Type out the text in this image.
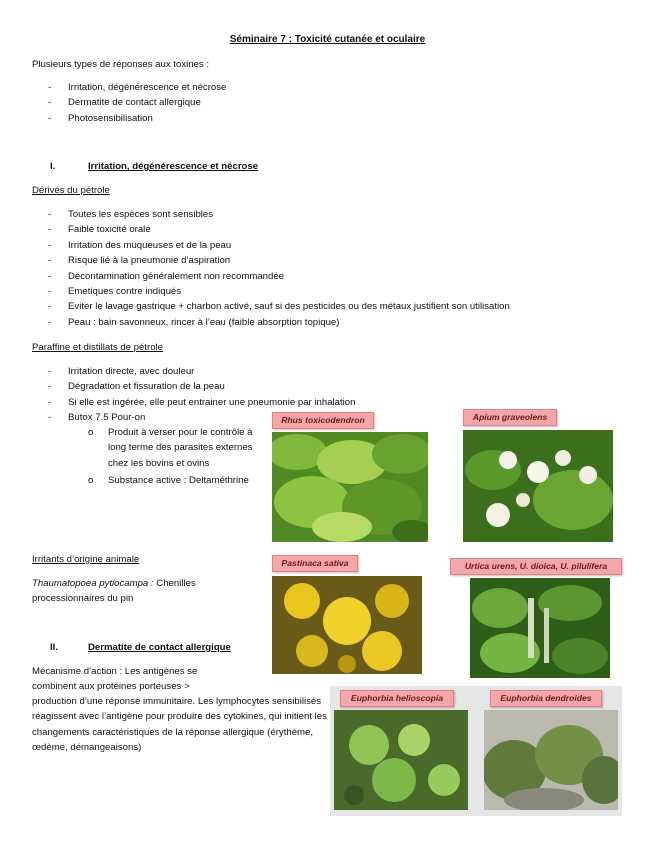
Séminaire 7 : Toxicité cutanée et oculaire
Plusieurs types de réponses aux toxines :
- Irritation, dégénérescence et nécrose
- Dermatite de contact allergique
- Photosensibilisation
I.	Irritation, dégénérescence et nécrose
Dérivés du pétrole
- Toutes les espèces sont sensibles
- Faible toxicité orale
- Irritation des muqueuses et de la peau
- Risque lié à la pneumonie d’aspiration
- Décontamination généralement non recommandée
- Emetiques contre indiqués
- Eviter le lavage gastrique + charbon activé, sauf si des pesticides ou des métaux justifient son utilisation
- Peau : bain savonneux, rincer à l’eau (faible absorption topique)
Paraffine et distillats de pétrole
- Irritation directe, avec douleur
- Dégradation et fissuration de la peau
- Si elle est ingérée, elle peut entrainer une pneumonie par inhalation
- Butox 7.5 Pour-on
o Produit à verser pour le contrôle à long terme des parasites externes chez les bovins et ovins
o Substance active : Deltaméthrine
Irritants d’origine animale
Thaumatopoea pytiocampa : Chenilles processionnaires du pin
II.	Dermatite de contact allergique
Mécanisme d’action : Les antigènes se
combinent aux protéines porteuses >
production d’une réponse immunitaire. Les lymphocytes sensibilisés réagissent avec l’antigène pour produire des cytokines, qui initient les changements caractéristiques de la réponse allergique (érythème, œdème, démangeaisons)
Rhus toxicodendron	Apium graveolens
Pastinaca sativa	Urtica urens, U. dioica, U. pilulifera
Euphorbia helioscopia	Euphorbia dendroides
